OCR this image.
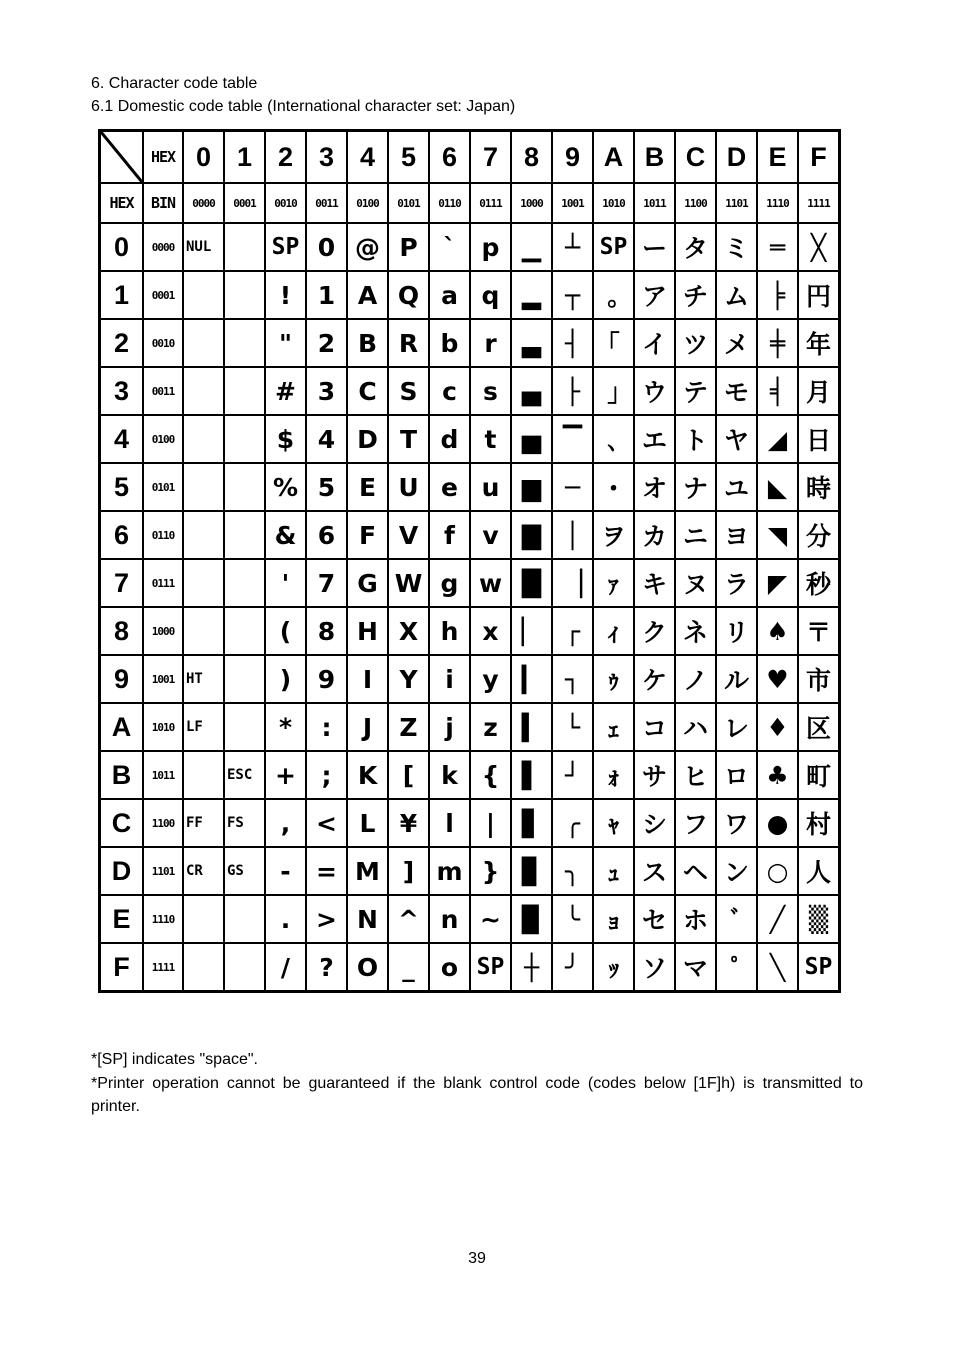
6. Character code table
6.1 Domestic code table (International character set: Japan)
	HEX	0	1	2	3	4	5	6	7	8	9	A	B	C	D	E	F
HEX	BIN	0000	0001	0010	0011	0100	0101	0110	0111	1000	1001	1010	1011	1100	1101	1110	1111
0	0000	NUL		SP	0	@	P	`	p	▁	┴	SP	ー	タ	ミ	═	╳
1	0001			!	1	A	Q	a	q	▂	┬	｡	ア	チ	ム	╞	円
2	0010			"	2	B	R	b	r	▃	┤	｢	イ	ツ	メ	╪	年
3	0011			#	3	C	S	c	s	▄	├	｣	ウ	テ	モ	╡	月
4	0100			$	4	D	T	d	t	▅	▔	､	エ	ト	ヤ	◢	日
5	0101			%	5	E	U	e	u	▆	─	･	オ	ナ	ユ	◣	時
6	0110			&	6	F	V	f	v	▇	│	ヲ	カ	ニ	ヨ	◥	分
7	0111			'	7	G	W	g	w	█	▕	ｧ	キ	ヌ	ラ	◤	秒
8	1000			(	8	H	X	h	x	▏	┌	ｨ	ク	ネ	リ	♠	〒
9	1001	HT		)	9	I	Y	i	y	▎	┐	ｩ	ケ	ノ	ル	♥	市
A	1010	LF		*	:	J	Z	j	z	▍	└	ｪ	コ	ハ	レ	♦	区
B	1011		ESC	+	;	K	[	k	{	▌	┘	ｫ	サ	ヒ	ロ	♣	町
C	1100	FF	FS	,	<	L	¥	l	|	▋	╭	ｬ	シ	フ	ワ	●	村
D	1101	CR	GS	-	=	M	]	m	}	▊	╮	ｭ	ス	ヘ	ン	○	人
E	1110			.	>	N	^	n	~	▉	╰	ｮ	セ	ホ	ﾞ	╱	▒
F	1111			/	?	O	_	o	SP	┼	╯	ｯ	ソ	マ	ﾟ	╲	SP
*[SP] indicates "space".
*Printer operation cannot be guaranteed if the blank control code (codes below [1F]h) is transmitted to printer.
39
